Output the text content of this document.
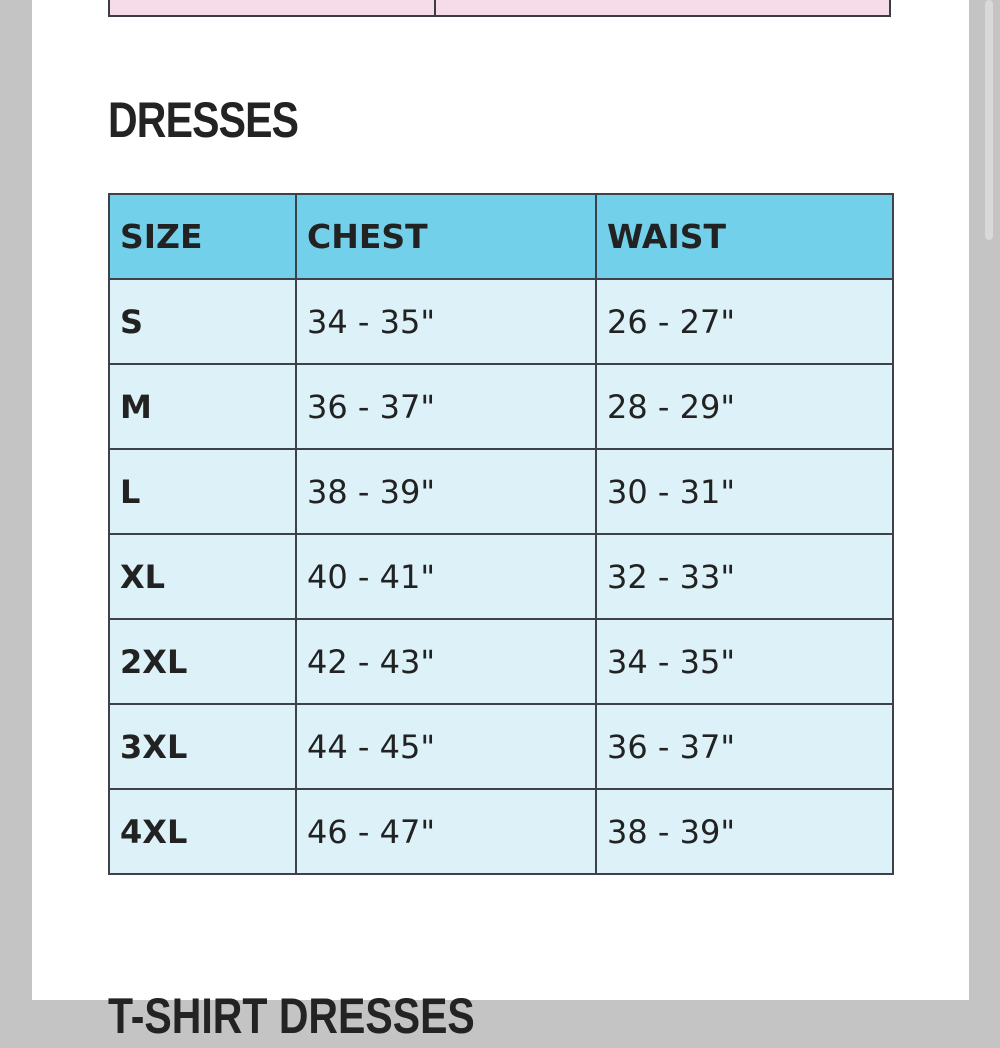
DRESSES
SIZE	CHEST	WAIST
S	34 - 35"	26 - 27"
M	36 - 37"	28 - 29"
L	38 - 39"	30 - 31"
XL	40 - 41"	32 - 33"
2XL	42 - 43"	34 - 35"
3XL	44 - 45"	36 - 37"
4XL	46 - 47"	38 - 39"
T-SHIRT DRESSES
